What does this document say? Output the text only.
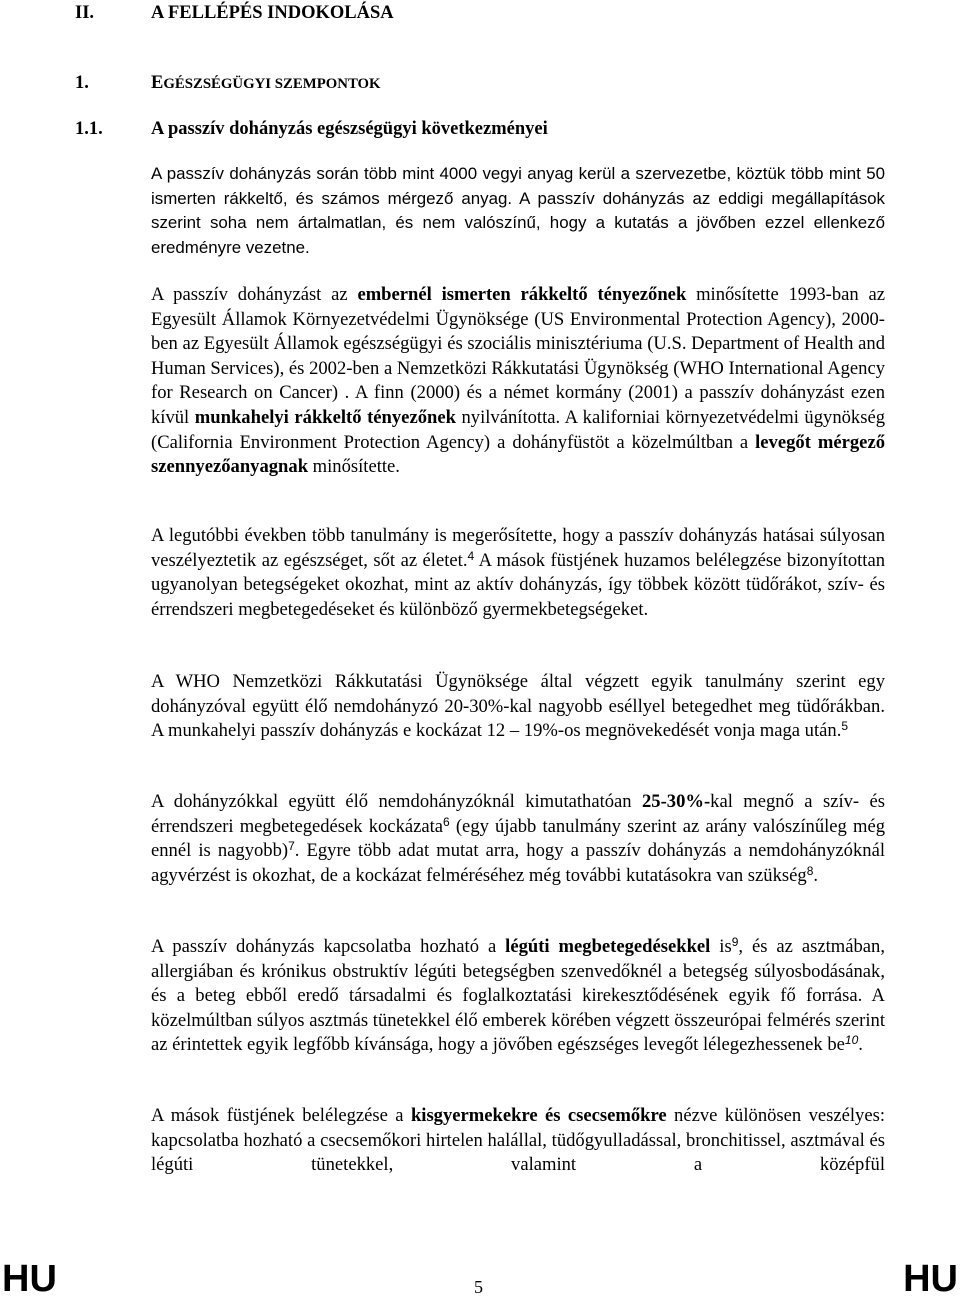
II.	A FELLÉPÉS INDOKOLÁSA
1.	EGÉSZSÉGÜGYI SZEMPONTOK
1.1.	A passzív dohányzás egészségügyi következményei

A passzív dohányzás során több mint 4000 vegyi anyag kerül a szervezetbe, köztük több mint 50 ismerten rákkeltő, és számos mérgező anyag. A passzív dohányzás az eddigi megállapítások szerint soha nem ártalmatlan, és nem valószínű, hogy a kutatás a jövőben ezzel ellenkező eredményre vezetne.

A passzív dohányzást az embernél ismerten rákkeltő tényezőnek minősítette 1993-ban az Egyesült Államok Környezetvédelmi Ügynöksége (US Environmental Protection Agency), 2000-ben az Egyesült Államok egészségügyi és szociális minisztériuma (U.S. Department of Health and Human Services), és 2002-ben a Nemzetközi Rákkutatási Ügynökség (WHO International Agency for Research on Cancer) . A finn (2000) és a német kormány (2001) a passzív dohányzást ezen kívül munkahelyi rákkeltő tényezőnek nyilvánította. A kaliforniai környezetvédelmi ügynökség (California Environment Protection Agency) a dohányfüstöt a közelmúltban a levegőt mérgező szennyezőanyagnak minősítette.

A legutóbbi években több tanulmány is megerősítette, hogy a passzív dohányzás hatásai súlyosan veszélyeztetik az egészséget, sőt az életet.$^4$ A mások füstjének huzamos belélegzése bizonyítottan ugyanolyan betegségeket okozhat, mint az aktív dohányzás, így többek között tüdőrákot, szív- és érrendszeri megbetegedéseket és különböző gyermekbetegségeket.

A WHO Nemzetközi Rákkutatási Ügynöksége által végzett egyik tanulmány szerint egy dohányzóval együtt élő nemdohányzó 20-30%-kal nagyobb eséllyel betegedhet meg tüdőrákban. A munkahelyi passzív dohányzás e kockázat 12 – 19%-os megnövekedését vonja maga után.$^5$

A dohányzókkal együtt élő nemdohányzóknál kimutathatóan 25-30%-kal megnő a szív- és érrendszeri megbetegedések kockázata$^6$ (egy újabb tanulmány szerint az arány valószínűleg még ennél is nagyobb)$^7$. Egyre több adat mutat arra, hogy a passzív dohányzás a nemdohányzóknál agyvérzést is okozhat, de a kockázat felméréséhez még további kutatásokra van szükség$^8$.

A passzív dohányzás kapcsolatba hozható a légúti megbetegedésekkel $is^9$, és az asztmában, allergiában és krónikus obstruktív légúti betegségben szenvedőknél a betegség súlyosbodásának, és a beteg ebből eredő társadalmi és foglalkoztatási kirekesztődésének egyik fő forrása. A közelmúltban súlyos asztmás tünetekkel élő emberek körében végzett összeurópai felmérés szerint az érintettek egyik legfőbb kívánsága, hogy a jövőben egészséges levegőt lélegezhessenek $be^{10}$.

A mások füstjének belélegzése a kisgyermekekre és csecsemőkre nézve különösen veszélyes: kapcsolatba hozható a csecsemőkori hirtelen halállal, tüdőgyulladással, bronchitissel, asztmával és légúti tünetekkel, valamint a középfül

HU	5	HU
